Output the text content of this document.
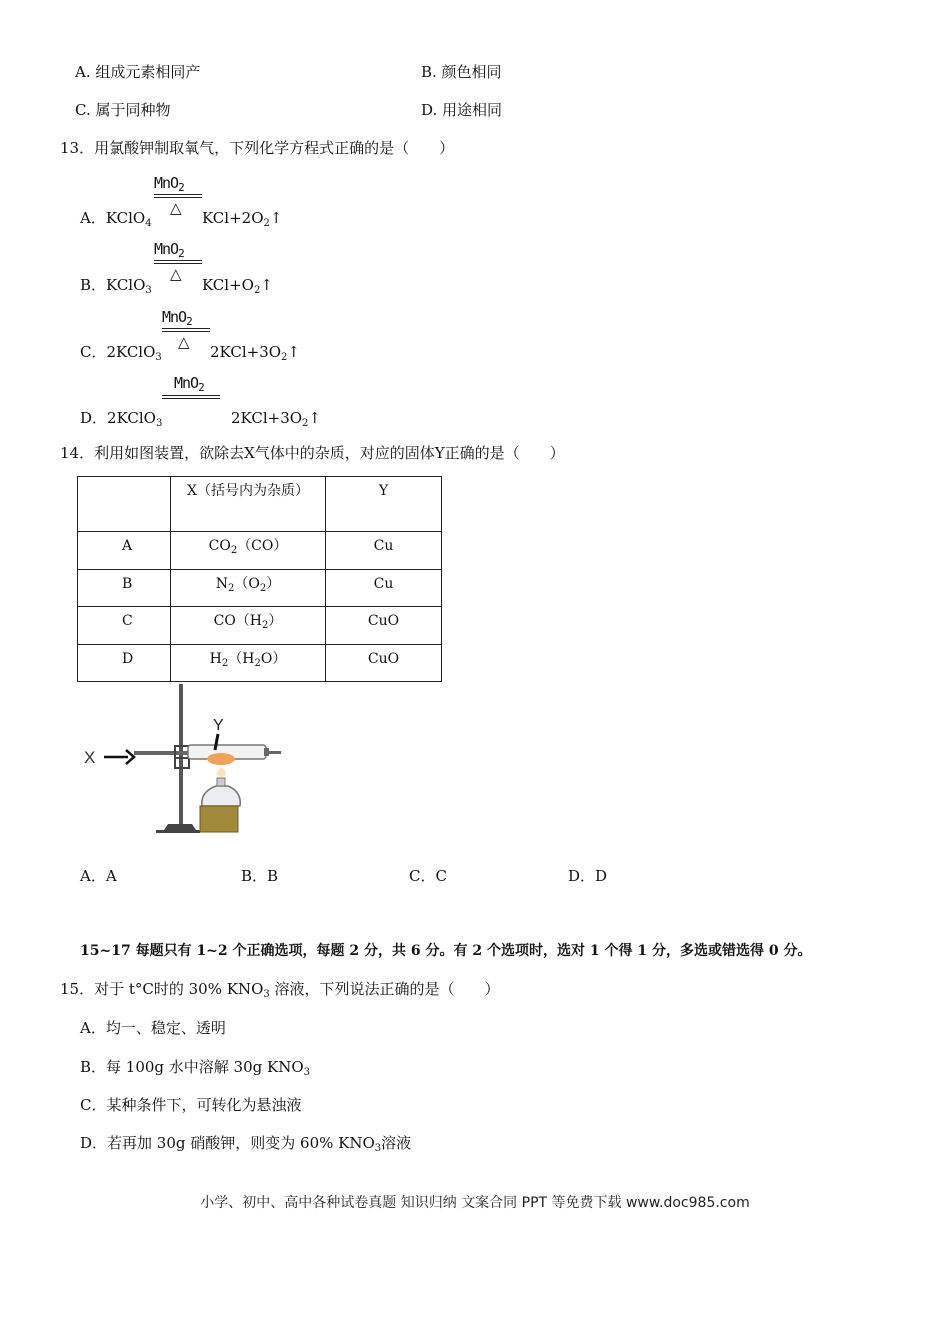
A. 组成元素相同产	B. 颜色相同
C. 属于同种物	D. 用途相同
13．用氯酸钾制取氧气，下列化学方程式正确的是（　　）
MnO$_2$
△
A．KClO$_4$	$KCl+2O_2↑$
MnO$_2$
△
B．KClO$_3$	$KCl+O_2↑$
MnO$_2$
△
C．2KClO$_3$	$2KCl+3O_2↑$
MnO$_2$
D．2KClO$_3$	$2KCl+3O_2↑$
14．利用如图装置，欲除去X气体中的杂质，对应的固体Y正确的是（　　）
	X（括号内为杂质）	Y
A	$CO_2(CO)$	Cu
B	$N_2(O_2)$	Cu
C	$CO(H_2)$	CuO
D	$H_2(H_2O)$	CuO
Y
X
A．A	B．B	C．C	D．D
15~17 每题只有 1~2 个正确选项，每题 2 分，共 6 分。有 2 个选项时，选对 1 个得 1 分，多选或错选得 0 分。
15．对于 t°C时的 30% $KNO_3$ 溶液，下列说法正确的是（　　）
A．均一、稳定、透明
B．每 100g 水中溶解 30g $KNO_3$
C．某种条件下，可转化为悬浊液
D．若再加 30g 硝酸钾，则变为 60% $KNO_3$溶液
小学、初中、高中各种试卷真题 知识归纳 文案合同 PPT 等免费下载 www.doc985.com
